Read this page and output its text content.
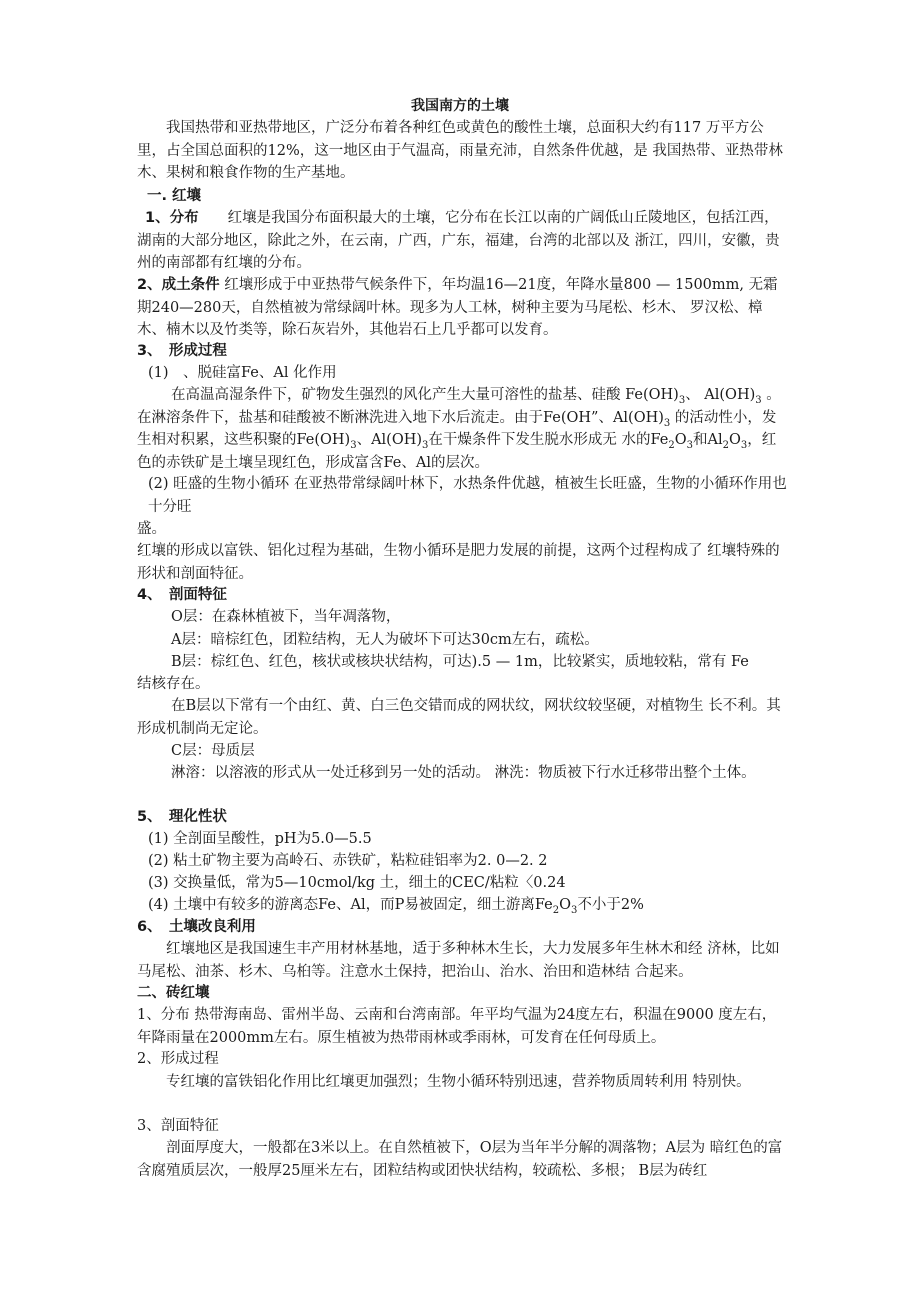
我国南方的土壤

　　我国热带和亚热带地区，广泛分布着各种红色或黄色的酸性土壤，总面积大约有117 万平方公里，占全国总面积的12%，这一地区由于气温高，雨量充沛，自然条件优越，是 我国热带、亚热带林木、果树和粮食作物的生产基地。

一. 红壤

1、分布　　红壤是我国分布面积最大的土壤，它分布在长江以南的广阔低山丘陵地区，包括江西，湖南的大部分地区，除此之外，在云南，广西，广东，福建，台湾的北部以及 浙江，四川，安徽，贵州的南部都有红壤的分布。

2、成土条件 红壤形成于中亚热带气候条件下，年均温16—21度，年降水量800 — 1500mm, 无霜期240—280天，自然植被为常绿阔叶林。现多为人工林，树种主要为马尾松、杉木、 罗汉松、樟木、楠木以及竹类等，除石灰岩外，其他岩石上几乎都可以发育。

3、　形成过程

(1)　、脱硅富Fe、Al 化作用

在高温高湿条件下，矿物发生强烈的风化产生大量可溶性的盐基、硅酸 $Fe(OH)_3$、 $Al(OH)_3$ 。在淋溶条件下，盐基和硅酸被不断淋洗进入地下水后流走。由于Fe(OH”、$Al(OH)_3$ 的活动性小，发生相对积累，这些积聚的$Fe(OH)_3$、$Al(OH)_3$在干燥条件下发生脱水形成无 水的$Fe_2O_3$和$Al_2O_3$，红色的赤铁矿是土壤呈现红色，形成富含Fe、Al的层次。

(2) 旺盛的生物小循环 在亚热带常绿阔叶林下，水热条件优越，植被生长旺盛，生物的小循环作用也十分旺

盛。

红壤的形成以富铁、铝化过程为基础，生物小循环是肥力发展的前提，这两个过程构成了 红壤特殊的形状和剖面特征。

4、　剖面特征

O层：在森林植被下，当年凋落物，

A层：暗棕红色，团粒结构，无人为破坏下可达30cm左右，疏松。

B层：棕红色、红色，核状或核块状结构，可达).5 — 1m，比较紧实，质地较粘，常有 Fe

结核存在。

在B层以下常有一个由红、黄、白三色交错而成的网状纹，网状纹较坚硬，对植物生 长不利。其形成机制尚无定论。

C层：母质层

淋溶：以溶液的形式从一处迁移到另一处的活动。 淋洗：物质被下行水迁移带出整个土体。

5、　理化性状

(1) 全剖面呈酸性，pH为5.0—5.5

(2) 粘土矿物主要为高岭石、赤铁矿，粘粒硅铝率为2. 0—2. 2

(3) 交换量低，常为5—10cmol/kg 土，细土的CEC/粘粒〈0.24

(4) 土壤中有较多的游离态Fe、Al，而P易被固定，细土游离$Fe_2O_3$不小于2%

6、　土壤改良利用

　　红壤地区是我国速生丰产用材林基地，适于多种林木生长，大力发展多年生林木和经 济林，比如马尾松、油茶、杉木、乌桕等。注意水土保持，把治山、治水、治田和造林结 合起来。

二、砖红壤

1、分布 热带海南岛、雷州半岛、云南和台湾南部。年平均气温为24度左右，积温在9000 度左右，年降雨量在2000mm左右。原生植被为热带雨林或季雨林，可发育在任何母质上。

2、形成过程

　　专红壤的富铁铝化作用比红壤更加强烈；生物小循环特别迅速，营养物质周转利用 特别快。

3、剖面特征

　　剖面厚度大，一般都在3米以上。在自然植被下，O层为当年半分解的凋落物；A层为 暗红色的富含腐殖质层次，一般厚25厘米左右，团粒结构或团快状结构，较疏松、多根； B层为砖红
